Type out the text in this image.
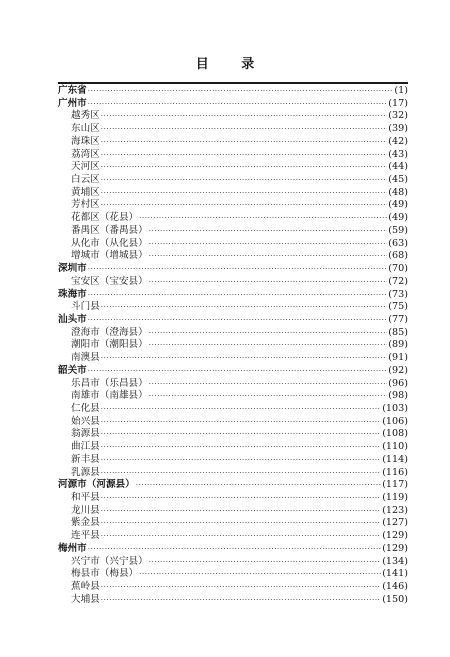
目 录
广东省 ·····	(1)
广州市 ·····	(17)
越秀区 ·····	(32)
东山区 ·····	(39)
海珠区 ·····	(42)
荔湾区 ·····	(43)
天河区 ·····	(44)
白云区 ·····	(45)
黄埔区 ·····	(48)
芳村区 ·····	(49)
花都区（花县） ·····	(49)
番禺区（番禺县） ·····	(59)
从化市（从化县） ·····	(63)
增城市（增城县） ·····	(68)
深圳市 ·····	(70)
宝安区（宝安县） ·····	(72)
珠海市 ·····	(73)
斗门县 ·····	(75)
汕头市 ·····	(77)
澄海市（澄海县） ·····	(85)
潮阳市（潮阳县） ·····	(89)
南澳县 ·····	(91)
韶关市 ·····	(92)
乐昌市（乐昌县） ·····	(96)
南雄市（南雄县） ·····	(98)
仁化县 ·····	(103)
始兴县 ·····	(106)
翁源县 ·····	(108)
曲江县 ·····	(110)
新丰县 ·····	(114)
乳源县 ·····	(116)
河源市（河源县） ·····	(117)
和平县 ·····	(119)
龙川县 ·····	(123)
紫金县 ·····	(127)
连平县 ·····	(129)
梅州市 ·····	(129)
兴宁市（兴宁县） ·····	(134)
梅县市（梅县） ·····	(141)
蕉岭县 ·····	(146)
大埔县 ·····	(150)
